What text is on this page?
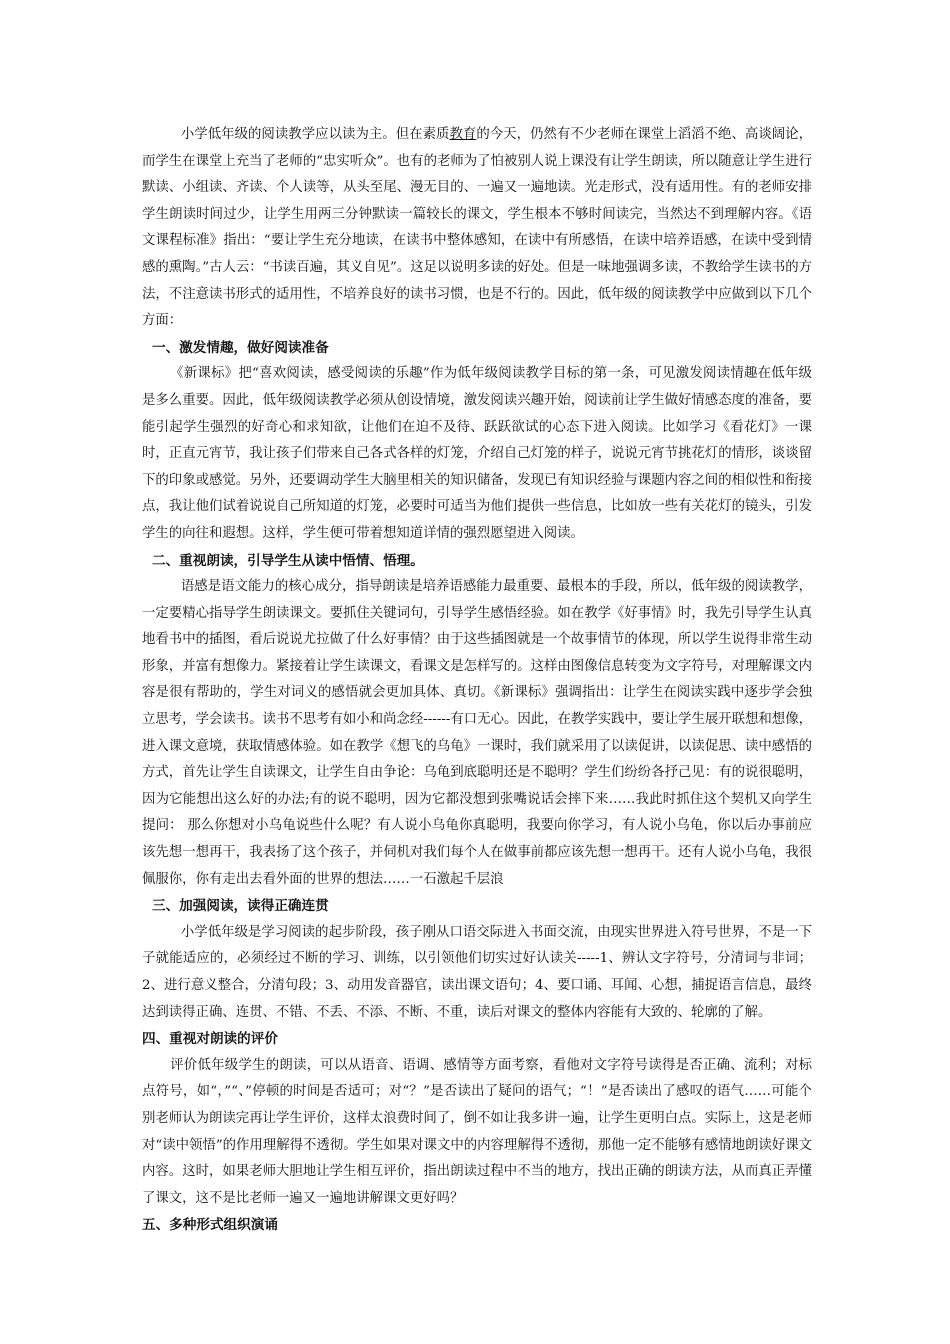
小学低年级的阅读教学应以读为主。但在素质教育的今天，仍然有不少老师在课堂上滔滔不绝、高谈阔论，而学生在课堂上充当了老师的“忠实听众”。也有的老师为了怕被别人说上课没有让学生朗读，所以随意让学生进行默读、小组读、齐读、个人读等，从头至尾、漫无目的、一遍又一遍地读。光走形式，没有适用性。有的老师安排学生朗读时间过少，让学生用两三分钟默读一篇较长的课文，学生根本不够时间读完，当然达不到理解内容。《语文课程标准》指出：“要让学生充分地读，在读书中整体感知，在读中有所感悟，在读中培养语感，在读中受到情感的熏陶。”古人云：“书读百遍，其义自见”。这足以说明多读的好处。但是一味地强调多读，不教给学生读书的方法，不注意读书形式的适用性，不培养良好的读书习惯，也是不行的。因此，低年级的阅读教学中应做到以下几个方面：

一、激发情趣，做好阅读准备

《新课标》把“喜欢阅读，感受阅读的乐趣”作为低年级阅读教学目标的第一条，可见激发阅读情趣在低年级是多么重要。因此，低年级阅读教学必须从创设情境，激发阅读兴趣开始，阅读前让学生做好情感态度的准备，要能引起学生强烈的好奇心和求知欲，让他们在迫不及待、跃跃欲试的心态下进入阅读。比如学习《看花灯》一课时，正直元宵节，我让孩子们带来自己各式各样的灯笼，介绍自己灯笼的样子，说说元宵节挑花灯的情形，谈谈留下的印象或感觉。另外，还要调动学生大脑里相关的知识储备，发现已有知识经验与课题内容之间的相似性和衔接点，我让他们试着说说自己所知道的灯笼，必要时可适当为他们提供一些信息，比如放一些有关花灯的镜头，引发学生的向往和遐想。这样，学生便可带着想知道详情的强烈愿望进入阅读。

二、重视朗读，引导学生从读中悟情、悟理。

语感是语文能力的核心成分，指导朗读是培养语感能力最重要、最根本的手段，所以，低年级的阅读教学，一定要精心指导学生朗读课文。要抓住关键词句，引导学生感悟经验。如在教学《好事情》时，我先引导学生认真地看书中的插图，看后说说尤拉做了什么好事情？由于这些插图就是一个故事情节的体现，所以学生说得非常生动形象，并富有想像力。紧接着让学生读课文，看课文是怎样写的。这样由图像信息转变为文字符号，对理解课文内容是很有帮助的，学生对词义的感悟就会更加具体、真切。《新课标》强调指出：让学生在阅读实践中逐步学会独立思考，学会读书。读书不思考有如小和尚念经------有口无心。因此，在教学实践中，要让学生展开联想和想像，进入课文意境，获取情感体验。如在教学《想飞的乌龟》一课时，我们就采用了以读促讲，以读促思、读中感悟的方式，首先让学生自读课文，让学生自由争论：乌龟到底聪明还是不聪明？学生们纷纷各抒己见：有的说很聪明，因为它能想出这么好的办法;有的说不聪明，因为它都没想到张嘴说话会摔下来……我此时抓住这个契机又向学生提问： 那么你想对小乌龟说些什么呢？有人说小乌龟你真聪明，我要向你学习，有人说小乌龟，你以后办事前应该先想一想再干，我表扬了这个孩子，并伺机对我们每个人在做事前都应该先想一想再干。还有人说小乌龟，我很佩服你，你有走出去看外面的世界的想法……一石激起千层浪

三、加强阅读，读得正确连贯

小学低年级是学习阅读的起步阶段，孩子刚从口语交际进入书面交流，由现实世界进入符号世界，不是一下子就能适应的，必须经过不断的学习、训练，以引领他们切实过好认读关-----1、辨认文字符号，分清词与非词；2、进行意义整合，分清句段；3、动用发音器官，读出课文语句；4、要口诵、耳闻、心想，捕捉语言信息，最终达到读得正确、连贯、不错、不丢、不添、不断、不重，读后对课文的整体内容能有大致的、轮廓的了解。

四、重视对朗读的评价

评价低年级学生的朗读，可以从语音、语调、感情等方面考察，看他对文字符号读得是否正确、流利；对标点符号，如“，”“、”停顿的时间是否适可；对“？”是否读出了疑问的语气；“！”是否读出了感叹的语气……可能个别老师认为朗读完再让学生评价，这样太浪费时间了，倒不如让我多讲一遍，让学生更明白点。实际上，这是老师对“读中领悟”的作用理解得不透彻。学生如果对课文中的内容理解得不透彻，那他一定不能够有感情地朗读好课文内容。这时，如果老师大胆地让学生相互评价，指出朗读过程中不当的地方，找出正确的朗读方法，从而真正弄懂了课文，这不是比老师一遍又一遍地讲解课文更好吗？

五、多种形式组织演诵
